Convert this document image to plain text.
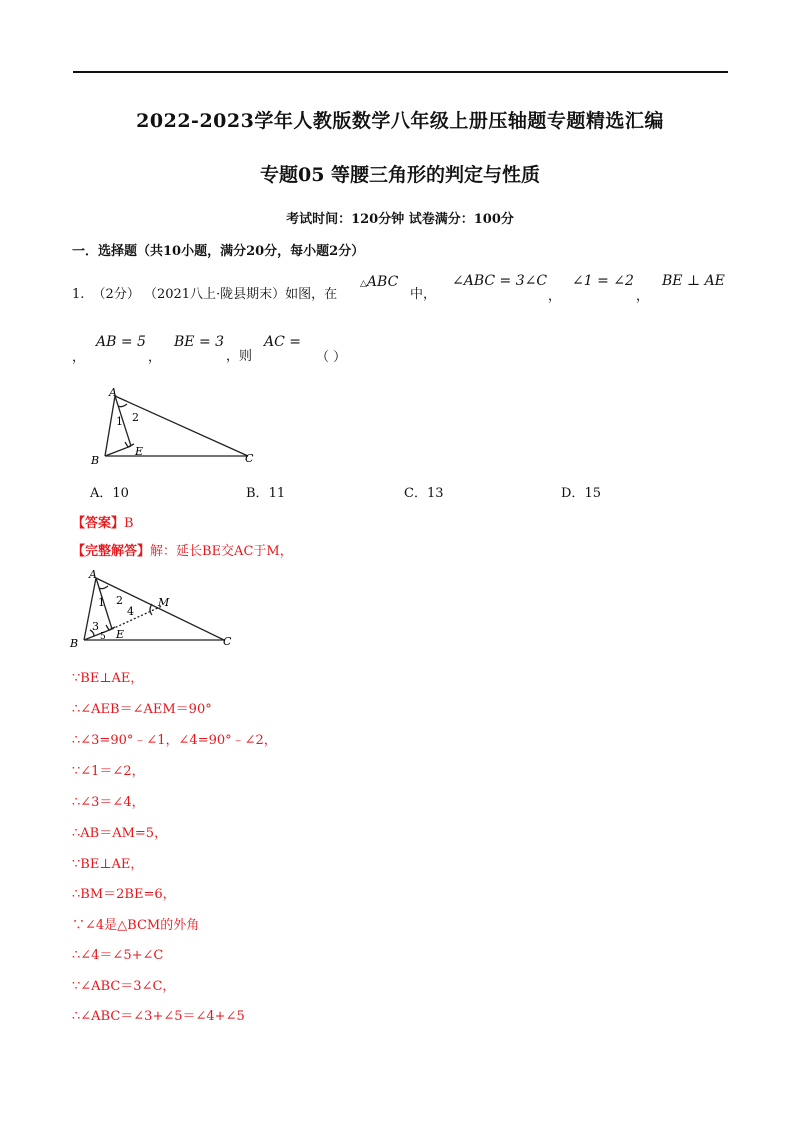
2022-2023学年人教版数学八年级上册压轴题专题精选汇编
专题05 等腰三角形的判定与性质
考试时间：120分钟 试卷满分：100分
一．选择题（共10小题，满分20分，每小题2分）
1. （2分） （2021八上·陇县期末）如图，在
△ABC
中，
∠ABC = 3∠C
，
∠1 = ∠2
，
BE ⊥ AE
，
AB = 5
，
BE = 3
，则
AC =
（ ）
A
B	C
E
1 2
A．10	B．11	C．13	D．15
【答案】B
【完整解答】解：延长BE交AC于M，
A
B	C
E
M
1 2
3
4
5
∵BE⊥AE，
∴∠AEB＝∠AEM＝90°
∴∠3=90°﹣∠1，∠4=90°﹣∠2，
∵∠1＝∠2，
∴∠3＝∠4，
∴AB＝AM=5，
∵BE⊥AE，
∴BM＝2BE=6，
∵∠4是△BCM的外角
∴∠4＝∠5+∠C
∵∠ABC＝3∠C，
∴∠ABC＝∠3+∠5＝∠4+∠5
